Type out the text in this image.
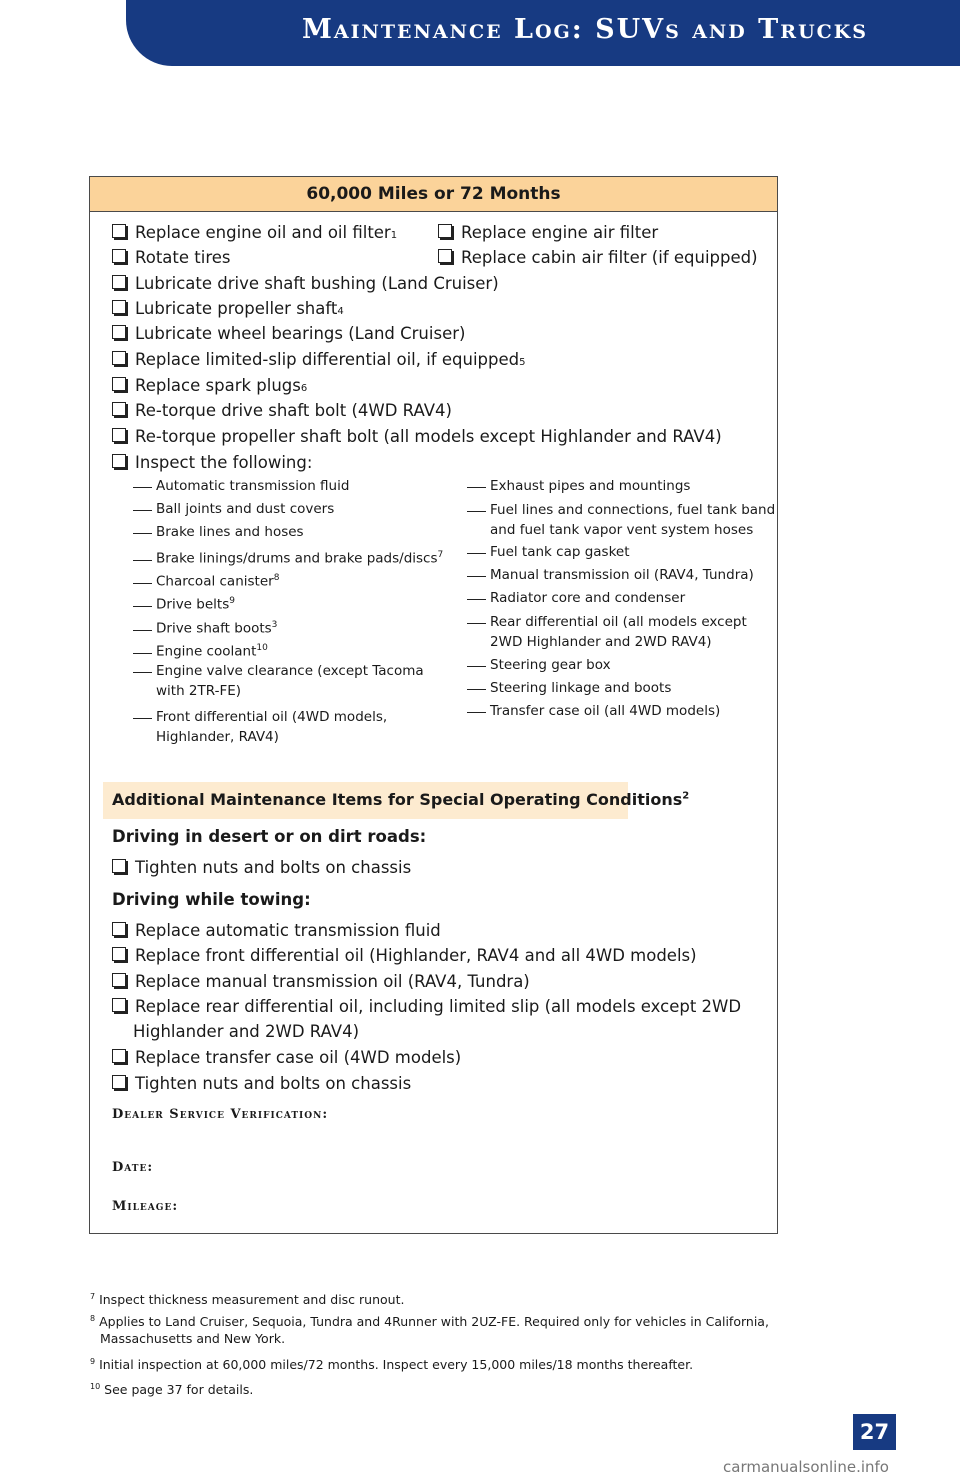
Maintenance Log: SUVs and Trucks
60,000 Miles or 72 Months
Replace engine oil and oil filter 1
Rotate tires
Lubricate drive shaft bushing (Land Cruiser)
Lubricate propeller shaft 4
Lubricate wheel bearings (Land Cruiser)
Replace limited-slip differential oil, if equipped 5
Replace spark plugs 6
Re-torque drive shaft bolt (4WD RAV4)
Re-torque propeller shaft bolt (all models except Highlander and RAV4)
Inspect the following:
Replace engine air filter
Replace cabin air filter (if equipped)
Automatic transmission fluid
Ball joints and dust covers
Brake lines and hoses
Brake linings/drums and brake pads/discs$^7$
Charcoal canister$^8$
Drive belts$^9$
Drive shaft boots$^3$
Engine coolant$^{10}$
Engine valve clearance (except Tacoma
with 2TR-FE)
Front differential oil (4WD models,
Highlander, RAV4)
Exhaust pipes and mountings
Fuel lines and connections, fuel tank band
and fuel tank vapor vent system hoses
Fuel tank cap gasket
Manual transmission oil (RAV4, Tundra)
Radiator core and condenser
Rear differential oil (all models except
2WD Highlander and 2WD RAV4)
Steering gear box
Steering linkage and boots
Transfer case oil (all 4WD models)
Additional Maintenance Items for Special Operating Conditions$^2$
Driving in desert or on dirt roads:
Tighten nuts and bolts on chassis
Driving while towing:
Replace automatic transmission fluid
Replace front differential oil (Highlander, RAV4 and all 4WD models)
Replace manual transmission oil (RAV4, Tundra)
Replace rear differential oil, including limited slip (all models except 2WD
Highlander and 2WD RAV4)
Replace transfer case oil (4WD models)
Tighten nuts and bolts on chassis
Dealer Service Verification:
Date:
Mileage:
$^7$ Inspect thickness measurement and disc runout.
$^8$ Applies to Land Cruiser, Sequoia, Tundra and 4Runner with 2UZ-FE. Required only for vehicles in California, Massachusetts and New York.
$^9$ Initial inspection at 60,000 miles/72 months. Inspect every 15,000 miles/18 months thereafter.
$^{10}$ See page 37 for details.
27
carmanualsonline.info
